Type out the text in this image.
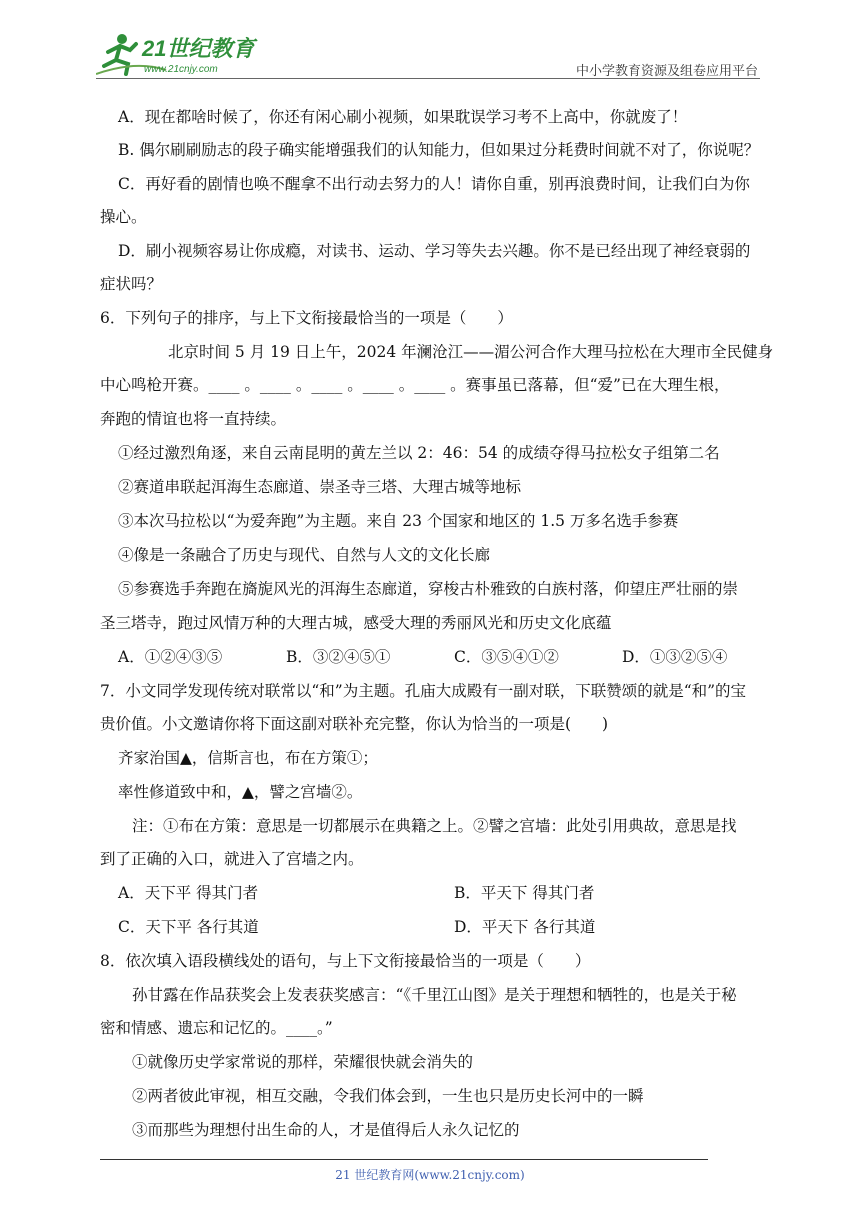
21世纪教育
www.21cnjy.com	中小学教育资源及组卷应用平台
A．现在都啥时候了，你还有闲心刷小视频，如果耽误学习考不上高中，你就废了！
B. 偶尔刷刷励志的段子确实能增强我们的认知能力，但如果过分耗费时间就不对了，你说呢？
C．再好看的剧情也唤不醒拿不出行动去努力的人！请你自重，别再浪费时间，让我们白为你
操心。
D．刷小视频容易让你成瘾，对读书、运动、学习等失去兴趣。你不是已经出现了神经衰弱的
症状吗？
6．下列句子的排序，与上下文衔接最恰当的一项是（　　）
北京时间 5 月 19 日上午，2024 年澜沧江——湄公河合作大理马拉松在大理市全民健身
中心鸣枪开赛。____ 。____ 。____ 。____ 。____ 。赛事虽已落幕，但“爱”已在大理生根，
奔跑的情谊也将一直持续。
①经过激烈角逐，来自云南昆明的黄左兰以 2：46：54 的成绩夺得马拉松女子组第二名
②赛道串联起洱海生态廊道、崇圣寺三塔、大理古城等地标
③本次马拉松以“为爱奔跑”为主题。来自 23 个国家和地区的 1.5 万多名选手参赛
④像是一条融合了历史与现代、自然与人文的文化长廊
⑤参赛选手奔跑在旖旎风光的洱海生态廊道，穿梭古朴雅致的白族村落，仰望庄严壮丽的崇
圣三塔寺，跑过风情万种的大理古城，感受大理的秀丽风光和历史文化底蕴
A．①②④③⑤	B．③②④⑤①	C．③⑤④①②	D．①③②⑤④
7．小文同学发现传统对联常以“和”为主题。孔庙大成殿有一副对联，下联赞颂的就是“和”的宝
贵价值。小文邀请你将下面这副对联补充完整，你认为恰当的一项是(　　)
齐家治国▲，信斯言也，布在方策①；
率性修道致中和，▲，譬之宫墙②。
注：①布在方策：意思是一切都展示在典籍之上。②譬之宫墙：此处引用典故，意思是找
到了正确的入口，就进入了宫墙之内。
A．天下平 得其门者	B．平天下 得其门者
C．天下平 各行其道	D．平天下 各行其道
8．依次填入语段横线处的语句，与上下文衔接最恰当的一项是（　　）
孙甘露在作品获奖会上发表获奖感言：“《千里江山图》是关于理想和牺牲的，也是关于秘
密和情感、遗忘和记忆的。____。”
①就像历史学家常说的那样，荣耀很快就会消失的
②两者彼此审视，相互交融，令我们体会到，一生也只是历史长河中的一瞬
③而那些为理想付出生命的人，才是值得后人永久记忆的
21 世纪教育网(www.21cnjy.com)
